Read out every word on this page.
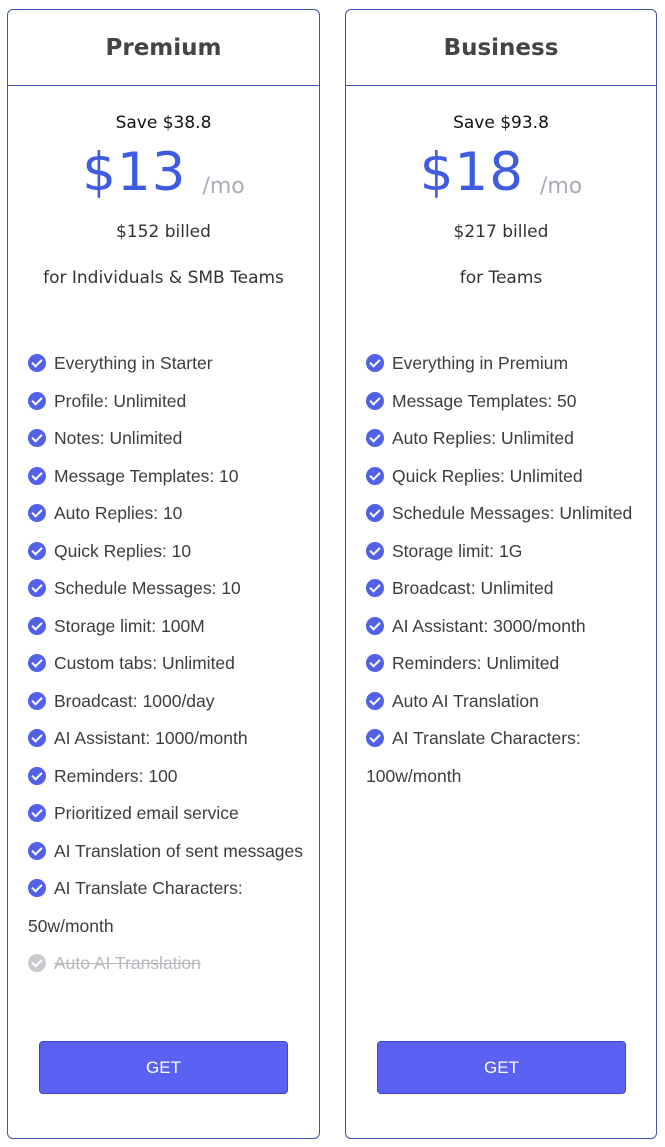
Premium
Save $38.8
$13 /mo
$152 billed
for Individuals & SMB Teams
Everything in Starter
Profile: Unlimited
Notes: Unlimited
Message Templates: 10
Auto Replies: 10
Quick Replies: 10
Schedule Messages: 10
Storage limit: 100M
Custom tabs: Unlimited
Broadcast: 1000/day
AI Assistant: 1000/month
Reminders: 100
Prioritized email service
AI Translation of sent messages
AI Translate Characters: 50w/month
Auto AI Translation
GET
Business
Save $93.8
$18 /mo
$217 billed
for Teams
Everything in Premium
Message Templates: 50
Auto Replies: Unlimited
Quick Replies: Unlimited
Schedule Messages: Unlimited
Storage limit: 1G
Broadcast: Unlimited
AI Assistant: 3000/month
Reminders: Unlimited
Auto AI Translation
AI Translate Characters: 100w/month
GET
